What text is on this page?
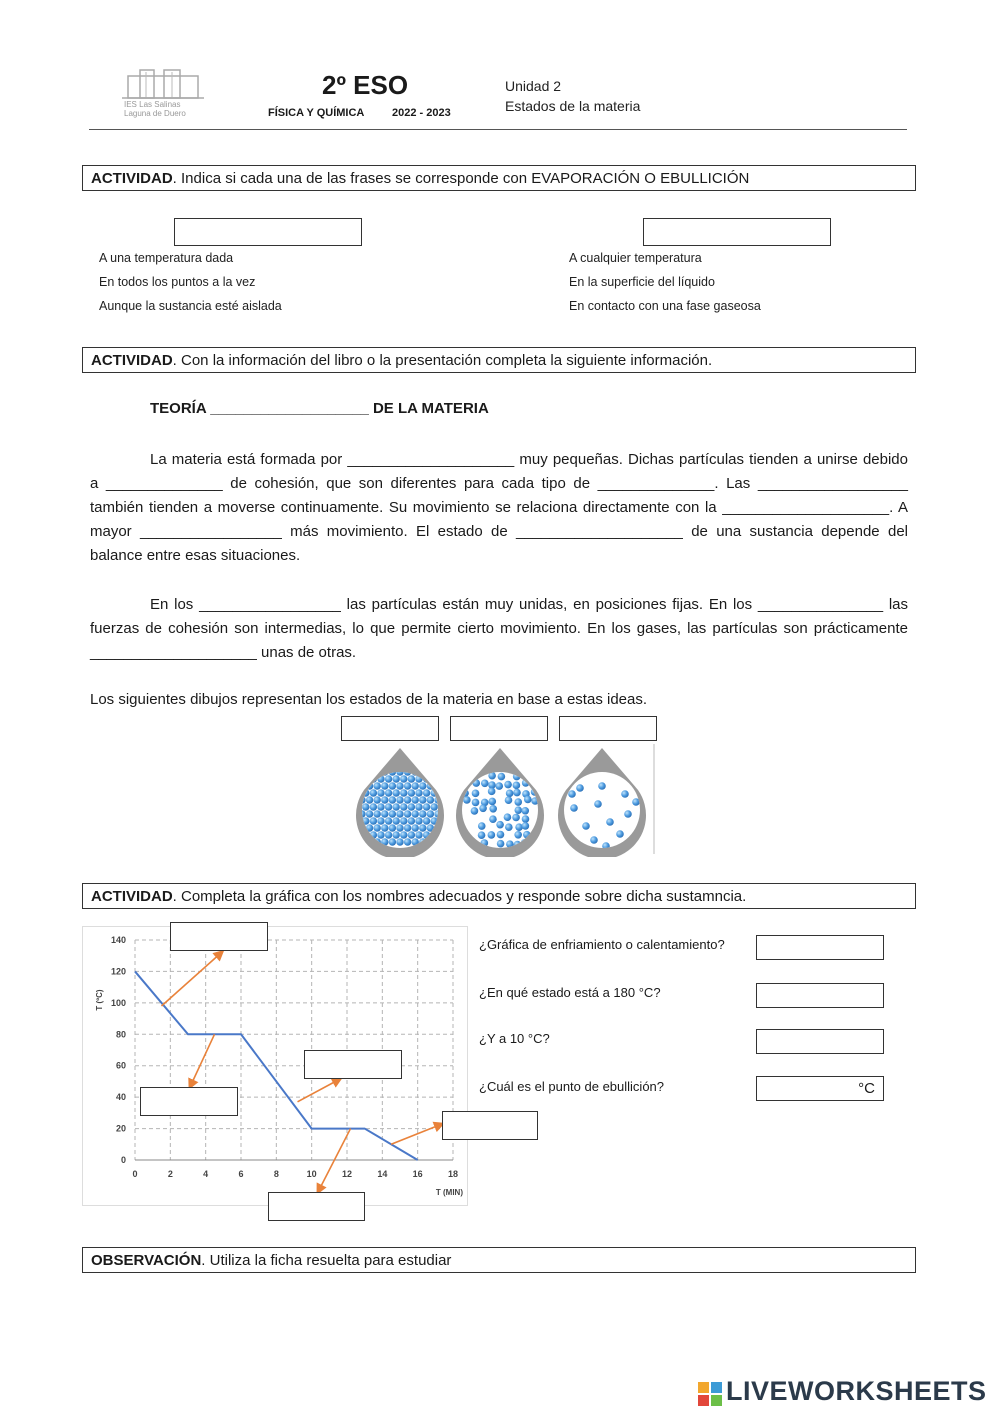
IES Las Salinas
Laguna de Duero
2º ESO
FÍSICA Y QUÍMICA	2022 - 2023
Unidad 2
Estados de la materia
ACTIVIDAD. Indica si cada una de las frases se corresponde con EVAPORACIÓN O EBULLICIÓN
A una temperatura dada
En todos los puntos a la vez
Aunque la sustancia esté aislada
A cualquier temperatura
En la superficie del líquido
En contacto con una fase gaseosa
ACTIVIDAD. Con la información del libro o la presentación completa la siguiente información.
TEORÍA ___________________ DE LA MATERIA
La materia está formada por ____________________ muy pequeñas. Dichas partículas tienden a unirse debido a ______________ de cohesión, que son diferentes para cada tipo de ______________. Las __________________ también tienden a moverse continuamente. Su movimiento se relaciona directamente con la ____________________. A mayor _________________ más movimiento. El estado de ____________________ de una sustancia depende del balance entre esas situaciones.
En los _________________ las partículas están muy unidas, en posiciones fijas. En los _______________ las fuerzas de cohesión son intermedias, lo que permite cierto movimiento. En los gases, las partículas son prácticamente ____________________ unas de otras.
Los siguientes dibujos representan los estados de la materia en base a estas ideas.
ACTIVIDAD. Completa la gráfica con los nombres adecuados y responde sobre dicha sustamncia.
0	2	4	6	8	10	12	14	16	18
0
20
40
60
80
100
120
140
T (ºC)
T (MIN)
¿Gráfica de enfriamiento o calentamiento?
¿En qué estado está a 180 °C?
¿Y a 10 °C?
¿Cuál es el punto de ebullición?	°C
OBSERVACIÓN. Utiliza la ficha resuelta para estudiar
LIVEWORKSHEETS
